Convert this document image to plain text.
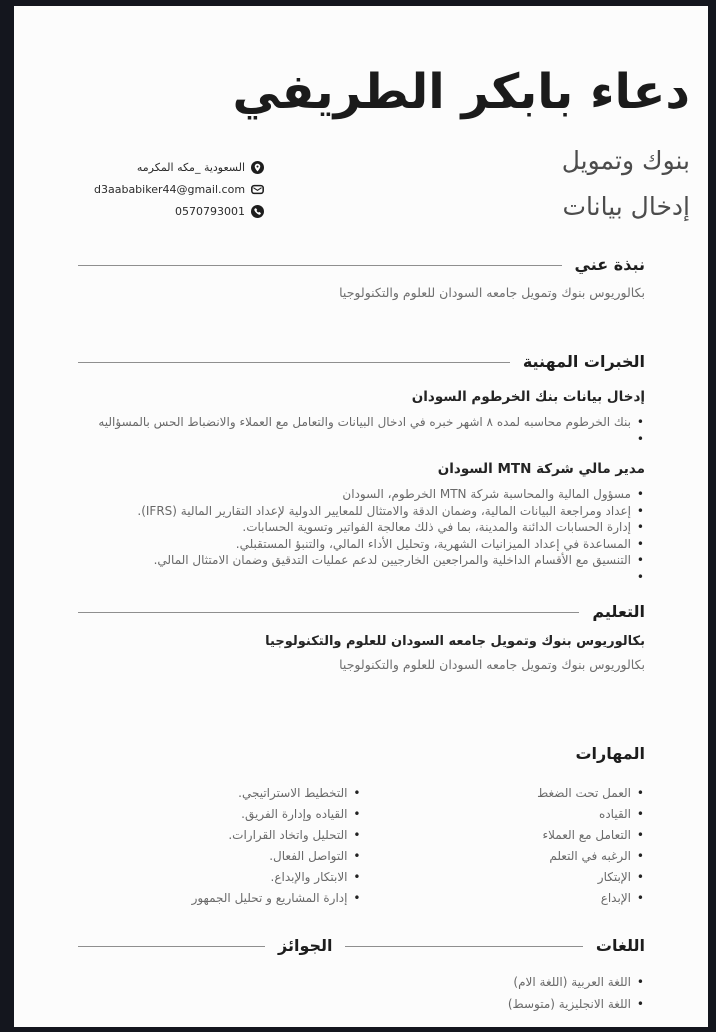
دعاء بابكر الطريفي
بنوك وتمويل
إدخال بيانات
السعودية _مكه المكرمه
d3aababiker44@gmail.com
0570793001
نبذة عني
بكالوريوس بنوك وتمويل جامعه السودان للعلوم والتكنولوجيا
الخبرات المهنية
إدخال بيانات بنك الخرطوم السودان
• بنك الخرطوم محاسبه لمده ٨ اشهر خبره في ادخال البيانات والتعامل مع العملاء والانضباط الحس بالمسؤاليه
•
مدير مالي شركة MTN السودان
• مسؤول المالية والمحاسبة شركة MTN الخرطوم، السودان
• إعداد ومراجعة البيانات المالية، وضمان الدقة والامتثال للمعايير الدولية لإعداد التقارير المالية (IFRS).
• إدارة الحسابات الدائنة والمدينة، بما في ذلك معالجة الفواتير وتسوية الحسابات.
• المساعدة في إعداد الميزانيات الشهرية، وتحليل الأداء المالي، والتنبؤ المستقبلي.
• التنسيق مع الأقسام الداخلية والمراجعين الخارجيين لدعم عمليات التدقيق وضمان الامتثال المالي.
•
التعليم
بكالوريوس بنوك وتمويل جامعه السودان للعلوم والتكنولوجيا
بكالوريوس بنوك وتمويل جامعه السودان للعلوم والتكنولوجيا
المهارات
• العمل تحت الضغط
• القياده
• التعامل مع العملاء
• الرغبه في التعلم
• الإبتكار
• الإبداع
• التخطيط الاستراتيجي.
• القياده وإدارة الفريق.
• التحليل واتخاد القرارات.
• التواصل الفعال.
• الابتكار والإبداع.
• إدارة المشاريع و تحليل الجمهور
اللغات
• اللغة العربية (اللغة الام)
• اللغة الانجليزية (متوسط)
الجوائز
